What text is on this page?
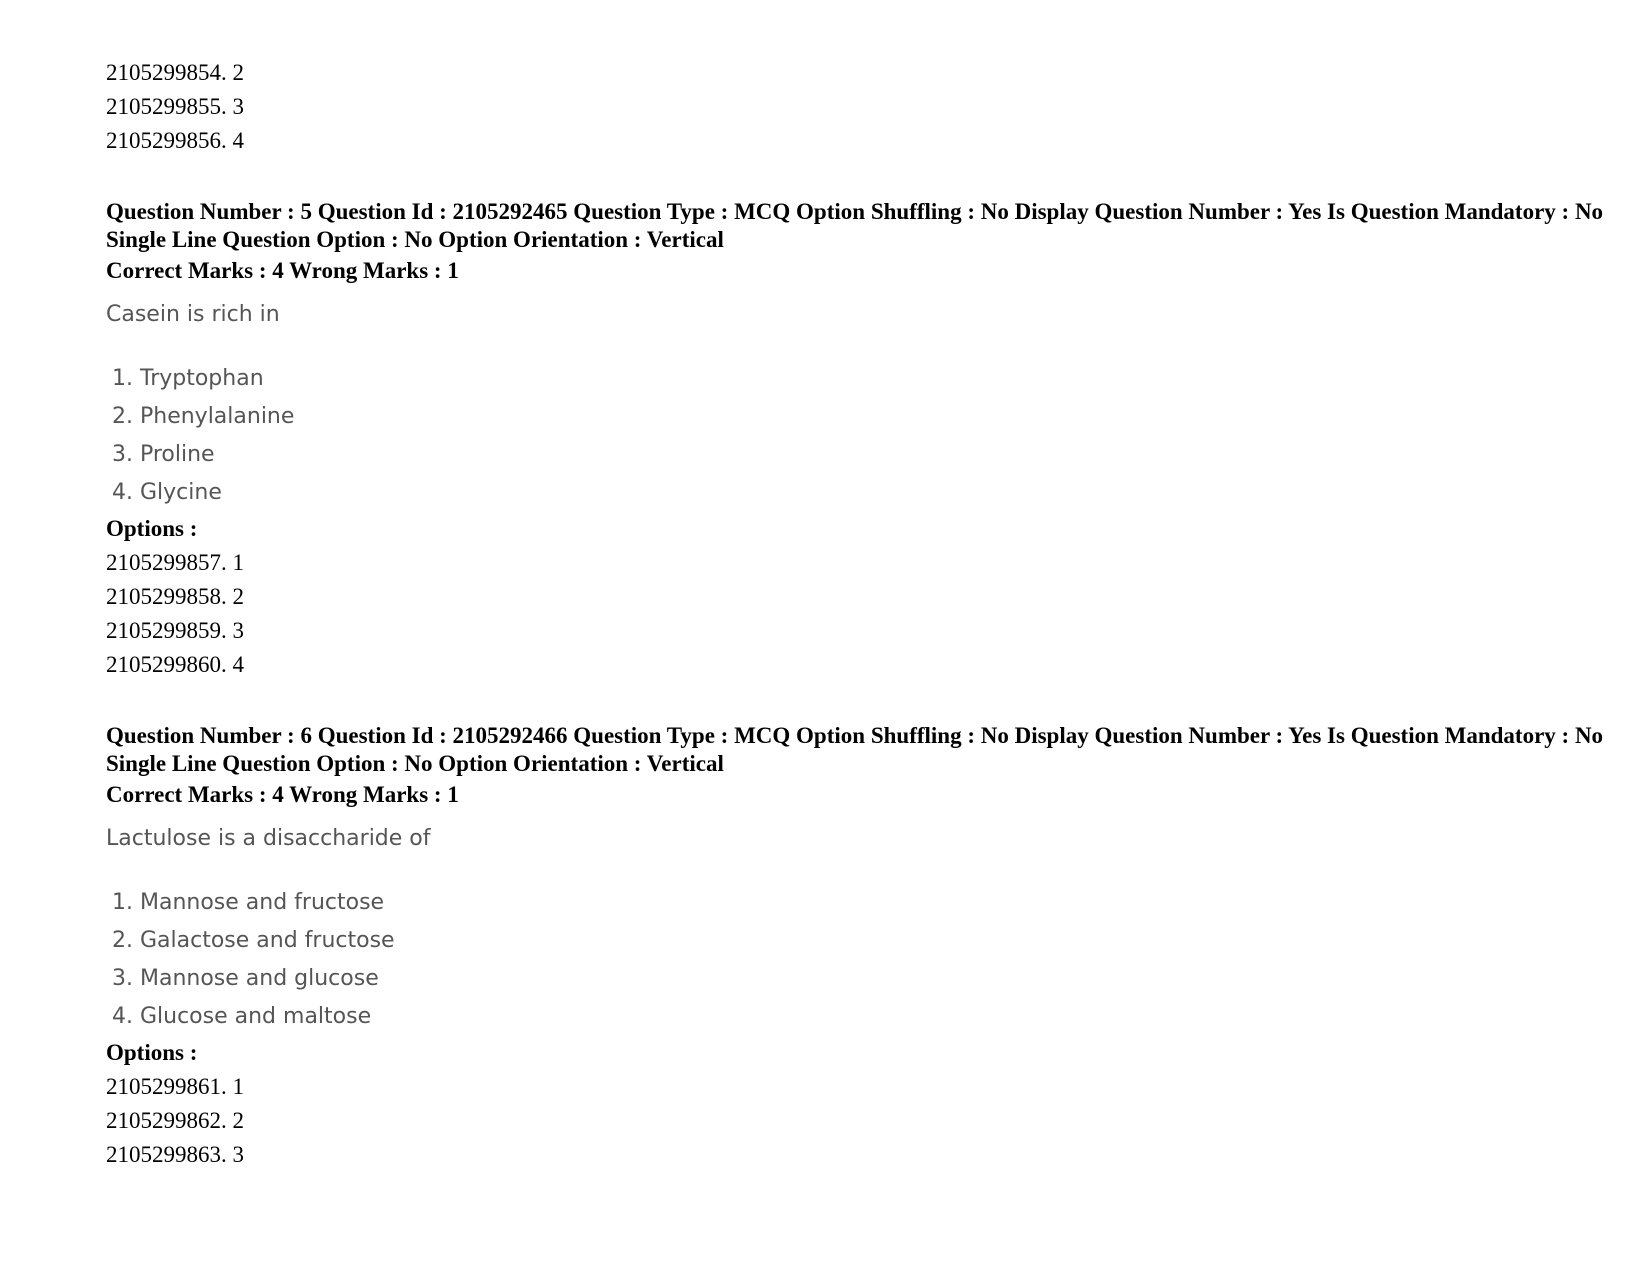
2105299854. 2
2105299855. 3
2105299856. 4

Question Number : 5 Question Id : 2105292465 Question Type : MCQ Option Shuffling : No Display Question Number : Yes Is Question Mandatory : No Single Line Question Option : No Option Orientation : Vertical

Correct Marks : 4 Wrong Marks : 1
Casein is rich in
1. Tryptophan
2. Phenylalanine
3. Proline
4. Glycine
Options :
2105299857. 1
2105299858. 2
2105299859. 3
2105299860. 4

Question Number : 6 Question Id : 2105292466 Question Type : MCQ Option Shuffling : No Display Question Number : Yes Is Question Mandatory : No Single Line Question Option : No Option Orientation : Vertical

Correct Marks : 4 Wrong Marks : 1
Lactulose is a disaccharide of
1. Mannose and fructose
2. Galactose and fructose
3. Mannose and glucose
4. Glucose and maltose
Options :
2105299861. 1
2105299862. 2
2105299863. 3
